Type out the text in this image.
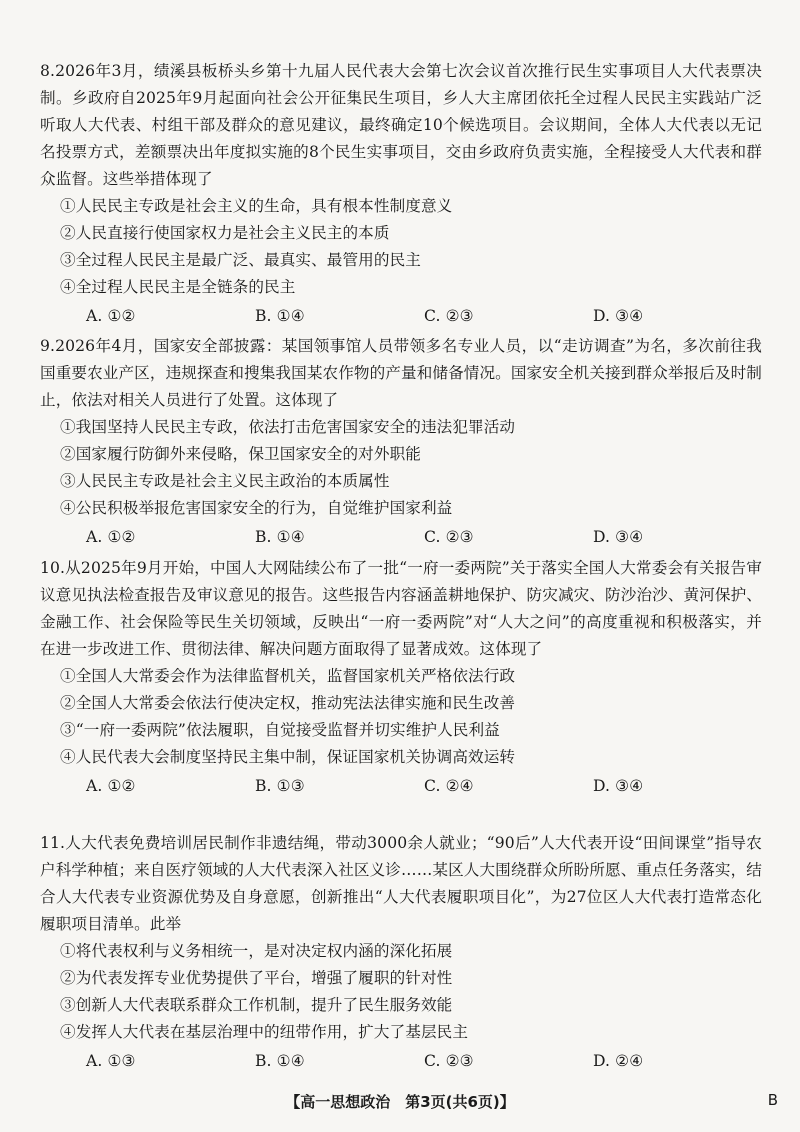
8.2026年3月，绩溪县板桥头乡第十九届人民代表大会第七次会议首次推行民生实事项目人大代表票决制。乡政府自2025年9月起面向社会公开征集民生项目，乡人大主席团依托全过程人民民主实践站广泛听取人大代表、村组干部及群众的意见建议，最终确定10个候选项目。会议期间，全体人大代表以无记名投票方式，差额票决出年度拟实施的8个民生实事项目，交由乡政府负责实施，全程接受人大代表和群众监督。这些举措体现了
①人民民主专政是社会主义的生命，具有根本性制度意义
②人民直接行使国家权力是社会主义民主的本质
③全过程人民民主是最广泛、最真实、最管用的民主
④全过程人民民主是全链条的民主
A. ①②	B. ①④	C. ②③	D. ③④
9.2026年4月，国家安全部披露：某国领事馆人员带领多名专业人员，以“走访调查”为名，多次前往我国重要农业产区，违规探查和搜集我国某农作物的产量和储备情况。国家安全机关接到群众举报后及时制止，依法对相关人员进行了处置。这体现了
①我国坚持人民民主专政，依法打击危害国家安全的违法犯罪活动
②国家履行防御外来侵略，保卫国家安全的对外职能
③人民民主专政是社会主义民主政治的本质属性
④公民积极举报危害国家安全的行为，自觉维护国家利益
A. ①②	B. ①④	C. ②③	D. ③④
10.从2025年9月开始，中国人大网陆续公布了一批“一府一委两院”关于落实全国人大常委会有关报告审议意见执法检查报告及审议意见的报告。这些报告内容涵盖耕地保护、防灾减灾、防沙治沙、黄河保护、金融工作、社会保险等民生关切领域，反映出“一府一委两院”对“人大之问”的高度重视和积极落实，并在进一步改进工作、贯彻法律、解决问题方面取得了显著成效。这体现了
①全国人大常委会作为法律监督机关，监督国家机关严格依法行政
②全国人大常委会依法行使决定权，推动宪法法律实施和民生改善
③“一府一委两院”依法履职，自觉接受监督并切实维护人民利益
④人民代表大会制度坚持民主集中制，保证国家机关协调高效运转
A. ①②	B. ①③	C. ②④	D. ③④
11.人大代表免费培训居民制作非遗结绳，带动3000余人就业；“90后”人大代表开设“田间课堂”指导农户科学种植；来自医疗领域的人大代表深入社区义诊……某区人大围绕群众所盼所愿、重点任务落实，结合人大代表专业资源优势及自身意愿，创新推出“人大代表履职项目化”，为27位区人大代表打造常态化履职项目清单。此举
①将代表权利与义务相统一，是对决定权内涵的深化拓展
②为代表发挥专业优势提供了平台，增强了履职的针对性
③创新人大代表联系群众工作机制，提升了民生服务效能
④发挥人大代表在基层治理中的纽带作用，扩大了基层民主
A. ①③	B. ①④	C. ②③	D. ②④
【高一思想政治　第3页(共6页)】	B
